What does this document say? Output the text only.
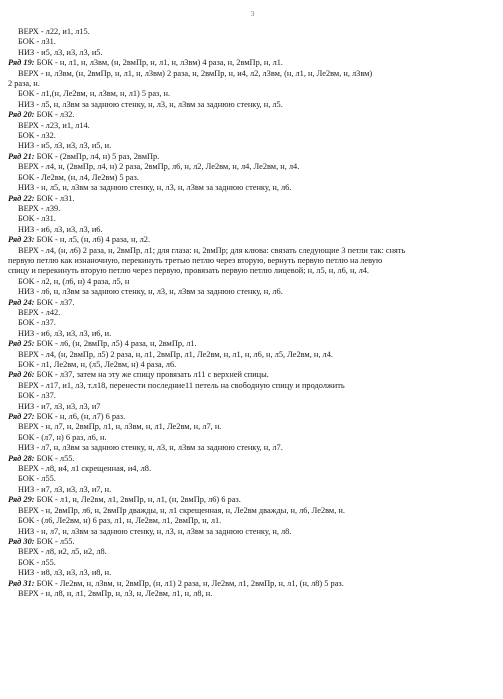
3
ВЕРХ - л22, и1, л15.
БОК - л31.
НИЗ - и5, л3, и3, л3, и5.
Ряд 19: БОК - н, л1, н, л3вм, (н, 2вмПр, н, л1, н, л3вм) 4 раза, н, 2вмПр, н, л1.
ВЕРХ - н, л3вм, (н, 2вмПр, н, л1, н, л3вм) 2 раза, н, 2вмПр, н, и4, л2, л3вм, (н, л1, н, Ле2вм, н, л3вм)
2 раза, н.
БОК - л1,(н, Ле2вм, н, л3вм, н, л1) 5 раз, н.
НИЗ - л5, н, л3вм за заднюю стенку, н, л3, н, л3вм за заднюю стенку, н, л5.
Ряд 20: БОК - л32.
ВЕРХ - л23, и1, л14.
БОК - л32.
НИЗ - и5, л3, и3, л3, и5, и.
Ряд 21: БОК - (2вмПр, л4, н) 5 раз, 2вмПр.
ВЕРХ - л4, н, (2вмПр, л4, н) 2 раза, 2вмПр, л6, н, л2, Ле2вм, н, л4, Ле2вм, н, л4.
БОК - Ле2вм, (н, л4, Ле2вм) 5 раз.
НИЗ - н, л5, н, л3вм за заднюю стенку, н, л3, н, л3вм за заднюю стенку, н, л6.
Ряд 22: БОК - л31.
ВЕРХ - л39.
БОК - л31.
НИЗ - и6, л3, и3, л3, и6.
Ряд 23: БОК - н, л5, (н, л6) 4 раза, н, л2.
ВЕРХ - л4, (н, л6) 2 раза, н, 2вмПр, л1; для глаза: н, 2вмПр; для клюва: связать следующие 3 петли так: снять
первую петлю как изнаночную, перекинуть третью петлю через вторую, вернуть первую петлю на левую
спицу и перекинуть вторую петлю через первую, провязать первую петлю лицевой; н, л5, н, л6, н, л4.
БОК - л2, н, (л6, н) 4 раза, л5, н
НИЗ - л6, н, л3вм за заднюю стенку, н, л3, н, л3вм за заднюю стенку, н, л6.
Ряд 24: БОК - л37.
ВЕРХ - л42.
БОК - л37.
НИЗ - и6, л3, и3, л3, и6, и.
Ряд 25: БОК - л6, (н, 2вмПр, л5) 4 раза, н, 2вмПр, л1.
ВЕРХ - л4, (н, 2вмПр, л5) 2 раза, н, л1, 2вмПр, л1, Ле2вм, н, л1, н, л6, н, л5, Ле2вм, н, л4.
БОК - л1, Ле2вм, н, (л5, Ле2вм, н) 4 раза, л6.
Ряд 26: БОК - л37, затем на эту же спицу провязать л11 с верхней спицы.
ВЕРХ - л17, и1, л3, т.л18, перенести последние11 петель на свободную спицу и продолжить
БОК - л37.
НИЗ - и7, л3, и3, л3, и7
Ряд 27: БОК - н, л6, (н, л7) 6 раз.
ВЕРХ - н, л7, н, 2вмПр, л1, н, л3вм, н, л1, Ле2вм, н, л7, н.
БОК - (л7, н) 6 раз, л6, н.
НИЗ - л7, н, л3вм за заднюю стенку, н, л3, н, л3вм за заднюю стенку, н, л7.
Ряд 28: БОК - л55.
ВЕРХ - л8, и4, л1 скрещенная, и4, л8.
БОК - л55.
НИЗ - и7, л3, и3, л3, и7, н.
Ряд 29: БОК - л1, н, Ле2вм, л1, 2вмПр, н, л1, (н, 2вмПр, л6) 6 раз.
ВЕРХ - н, 2вмПр, л6, н, 2вмПр дважды, н, л1 скрещенная, н, Ле2вм дважды, н, л6, Ле2вм, н.
БОК - (л6, Ле2вм, н) 6 раз, л1, н, Ле2вм, л1, 2вмПр, н, л1.
НИЗ - н, л7, н, л3вм за заднюю стенку, н, л3, н, л3вм за заднюю стенку, н, л8.
Ряд 30: БОК - л55.
ВЕРХ - л8, и2, л5, и2, л8.
БОК - л55.
НИЗ - и8, л3, и3, л3, и8, н.
Ряд 31: БОК - Ле2вм, н, л3вм, н, 2вмПр, (н, л1) 2 раза, н, Ле2вм, л1, 2вмПр, н, л1, (н, л8) 5 раз.
ВЕРХ - н, л8, н, л1, 2вмПр, н, л3, н, Ле2вм, л1, н, л8, н.
